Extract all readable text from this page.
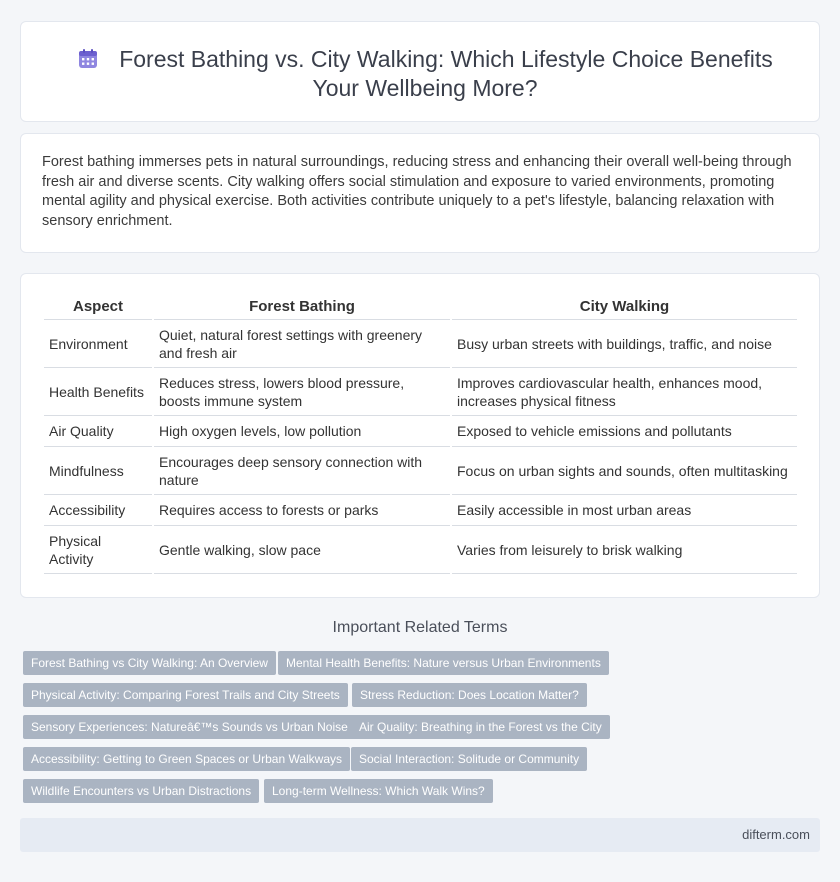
Forest Bathing vs. City Walking: Which Lifestyle Choice Benefits Your Wellbeing More?
Forest bathing immerses pets in natural surroundings, reducing stress and enhancing their overall well-being through fresh air and diverse scents. City walking offers social stimulation and exposure to varied environments, promoting mental agility and physical exercise. Both activities contribute uniquely to a pet's lifestyle, balancing relaxation with sensory enrichment.
Aspect	Forest Bathing	City Walking
Environment	Quiet, natural forest settings with greenery and fresh air	Busy urban streets with buildings, traffic, and noise
Health Benefits	Reduces stress, lowers blood pressure, boosts immune system	Improves cardiovascular health, enhances mood, increases physical fitness
Air Quality	High oxygen levels, low pollution	Exposed to vehicle emissions and pollutants
Mindfulness	Encourages deep sensory connection with nature	Focus on urban sights and sounds, often multitasking
Accessibility	Requires access to forests or parks	Easily accessible in most urban areas
Physical Activity	Gentle walking, slow pace	Varies from leisurely to brisk walking
Important Related Terms
Forest Bathing vs City Walking: An Overview	Mental Health Benefits: Nature versus Urban Environments
Physical Activity: Comparing Forest Trails and City Streets	Stress Reduction: Does Location Matter?
Sensory Experiences: Natureâ€™s Sounds vs Urban Noise Air Quality: Breathing in the Forest vs the City
Accessibility: Getting to Green Spaces or Urban Walkways	Social Interaction: Solitude or Community
Wildlife Encounters vs Urban Distractions	Long-term Wellness: Which Walk Wins?
difterm.com
